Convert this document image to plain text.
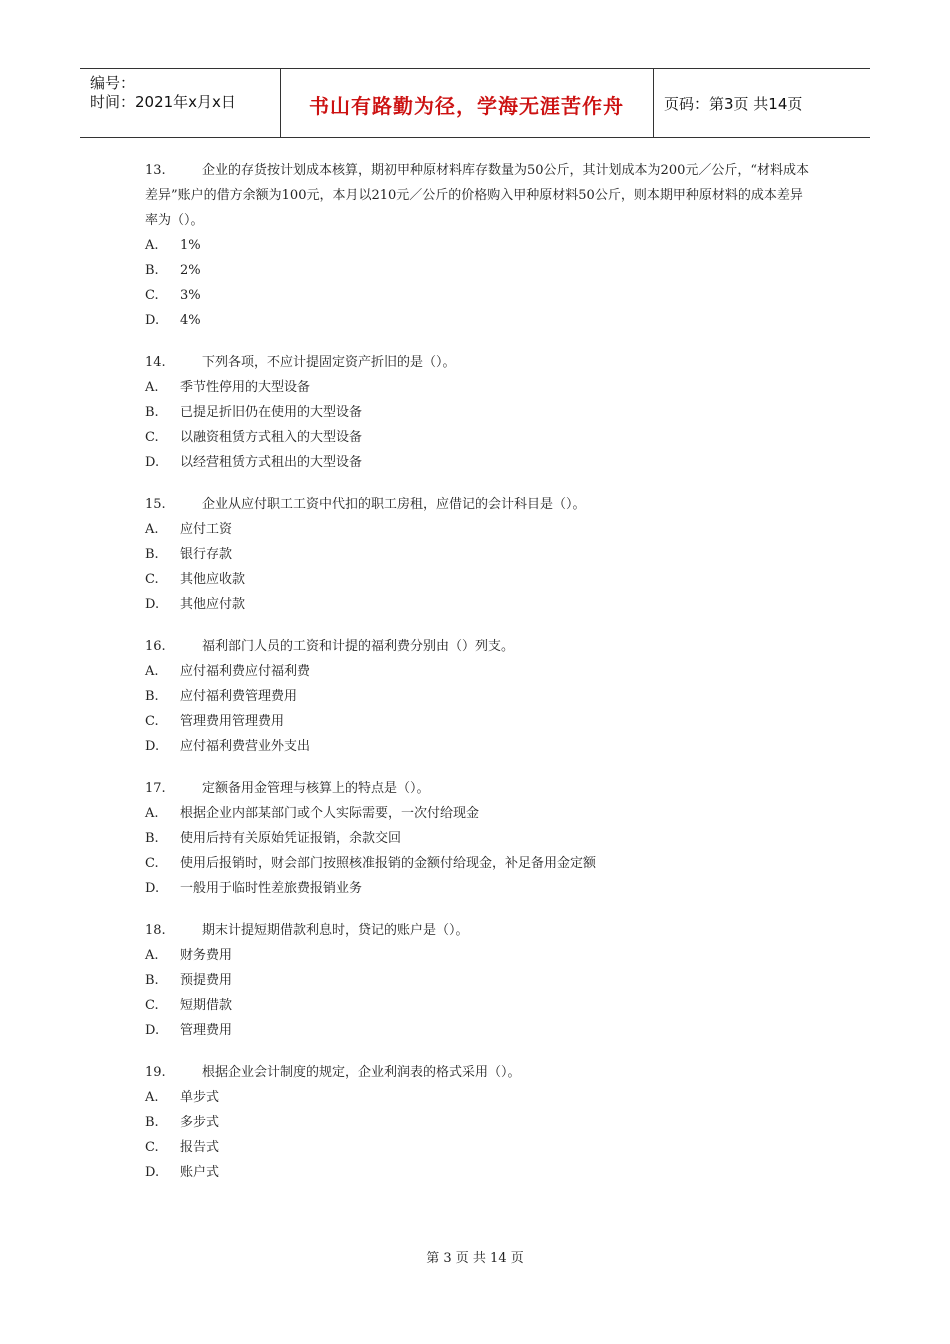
编号：
时间：2021年x月x日	书山有路勤为径，学海无涯苦作舟	页码：第3页 共14页
13.	企业的存货按计划成本核算，期初甲种原材料库存数量为50公斤，其计划成本为200元／公斤，“材料成本差异”账户的借方余额为100元，本月以210元／公斤的价格购入甲种原材料50公斤，则本期甲种原材料的成本差异率为（）。
A. 1%
B. 2%
C. 3%
D. 4%
14.	下列各项，不应计提固定资产折旧的是（）。
A. 季节性停用的大型设备
B. 已提足折旧仍在使用的大型设备
C. 以融资租赁方式租入的大型设备
D. 以经营租赁方式租出的大型设备
15.	企业从应付职工工资中代扣的职工房租，应借记的会计科目是（）。
A. 应付工资
B. 银行存款
C. 其他应收款
D. 其他应付款
16.	福利部门人员的工资和计提的福利费分别由（）列支。
A. 应付福利费应付福利费
B. 应付福利费管理费用
C. 管理费用管理费用
D. 应付福利费营业外支出
17.	定额备用金管理与核算上的特点是（）。
A. 根据企业内部某部门或个人实际需要，一次付给现金
B. 使用后持有关原始凭证报销，余款交回
C. 使用后报销时，财会部门按照核准报销的金额付给现金，补足备用金定额
D. 一般用于临时性差旅费报销业务
18.	期末计提短期借款利息时，贷记的账户是（）。
A. 财务费用
B. 预提费用
C. 短期借款
D. 管理费用
19.	根据企业会计制度的规定，企业利润表的格式采用（）。
A. 单步式
B. 多步式
C. 报告式
D. 账户式
第 3 页 共 14 页
